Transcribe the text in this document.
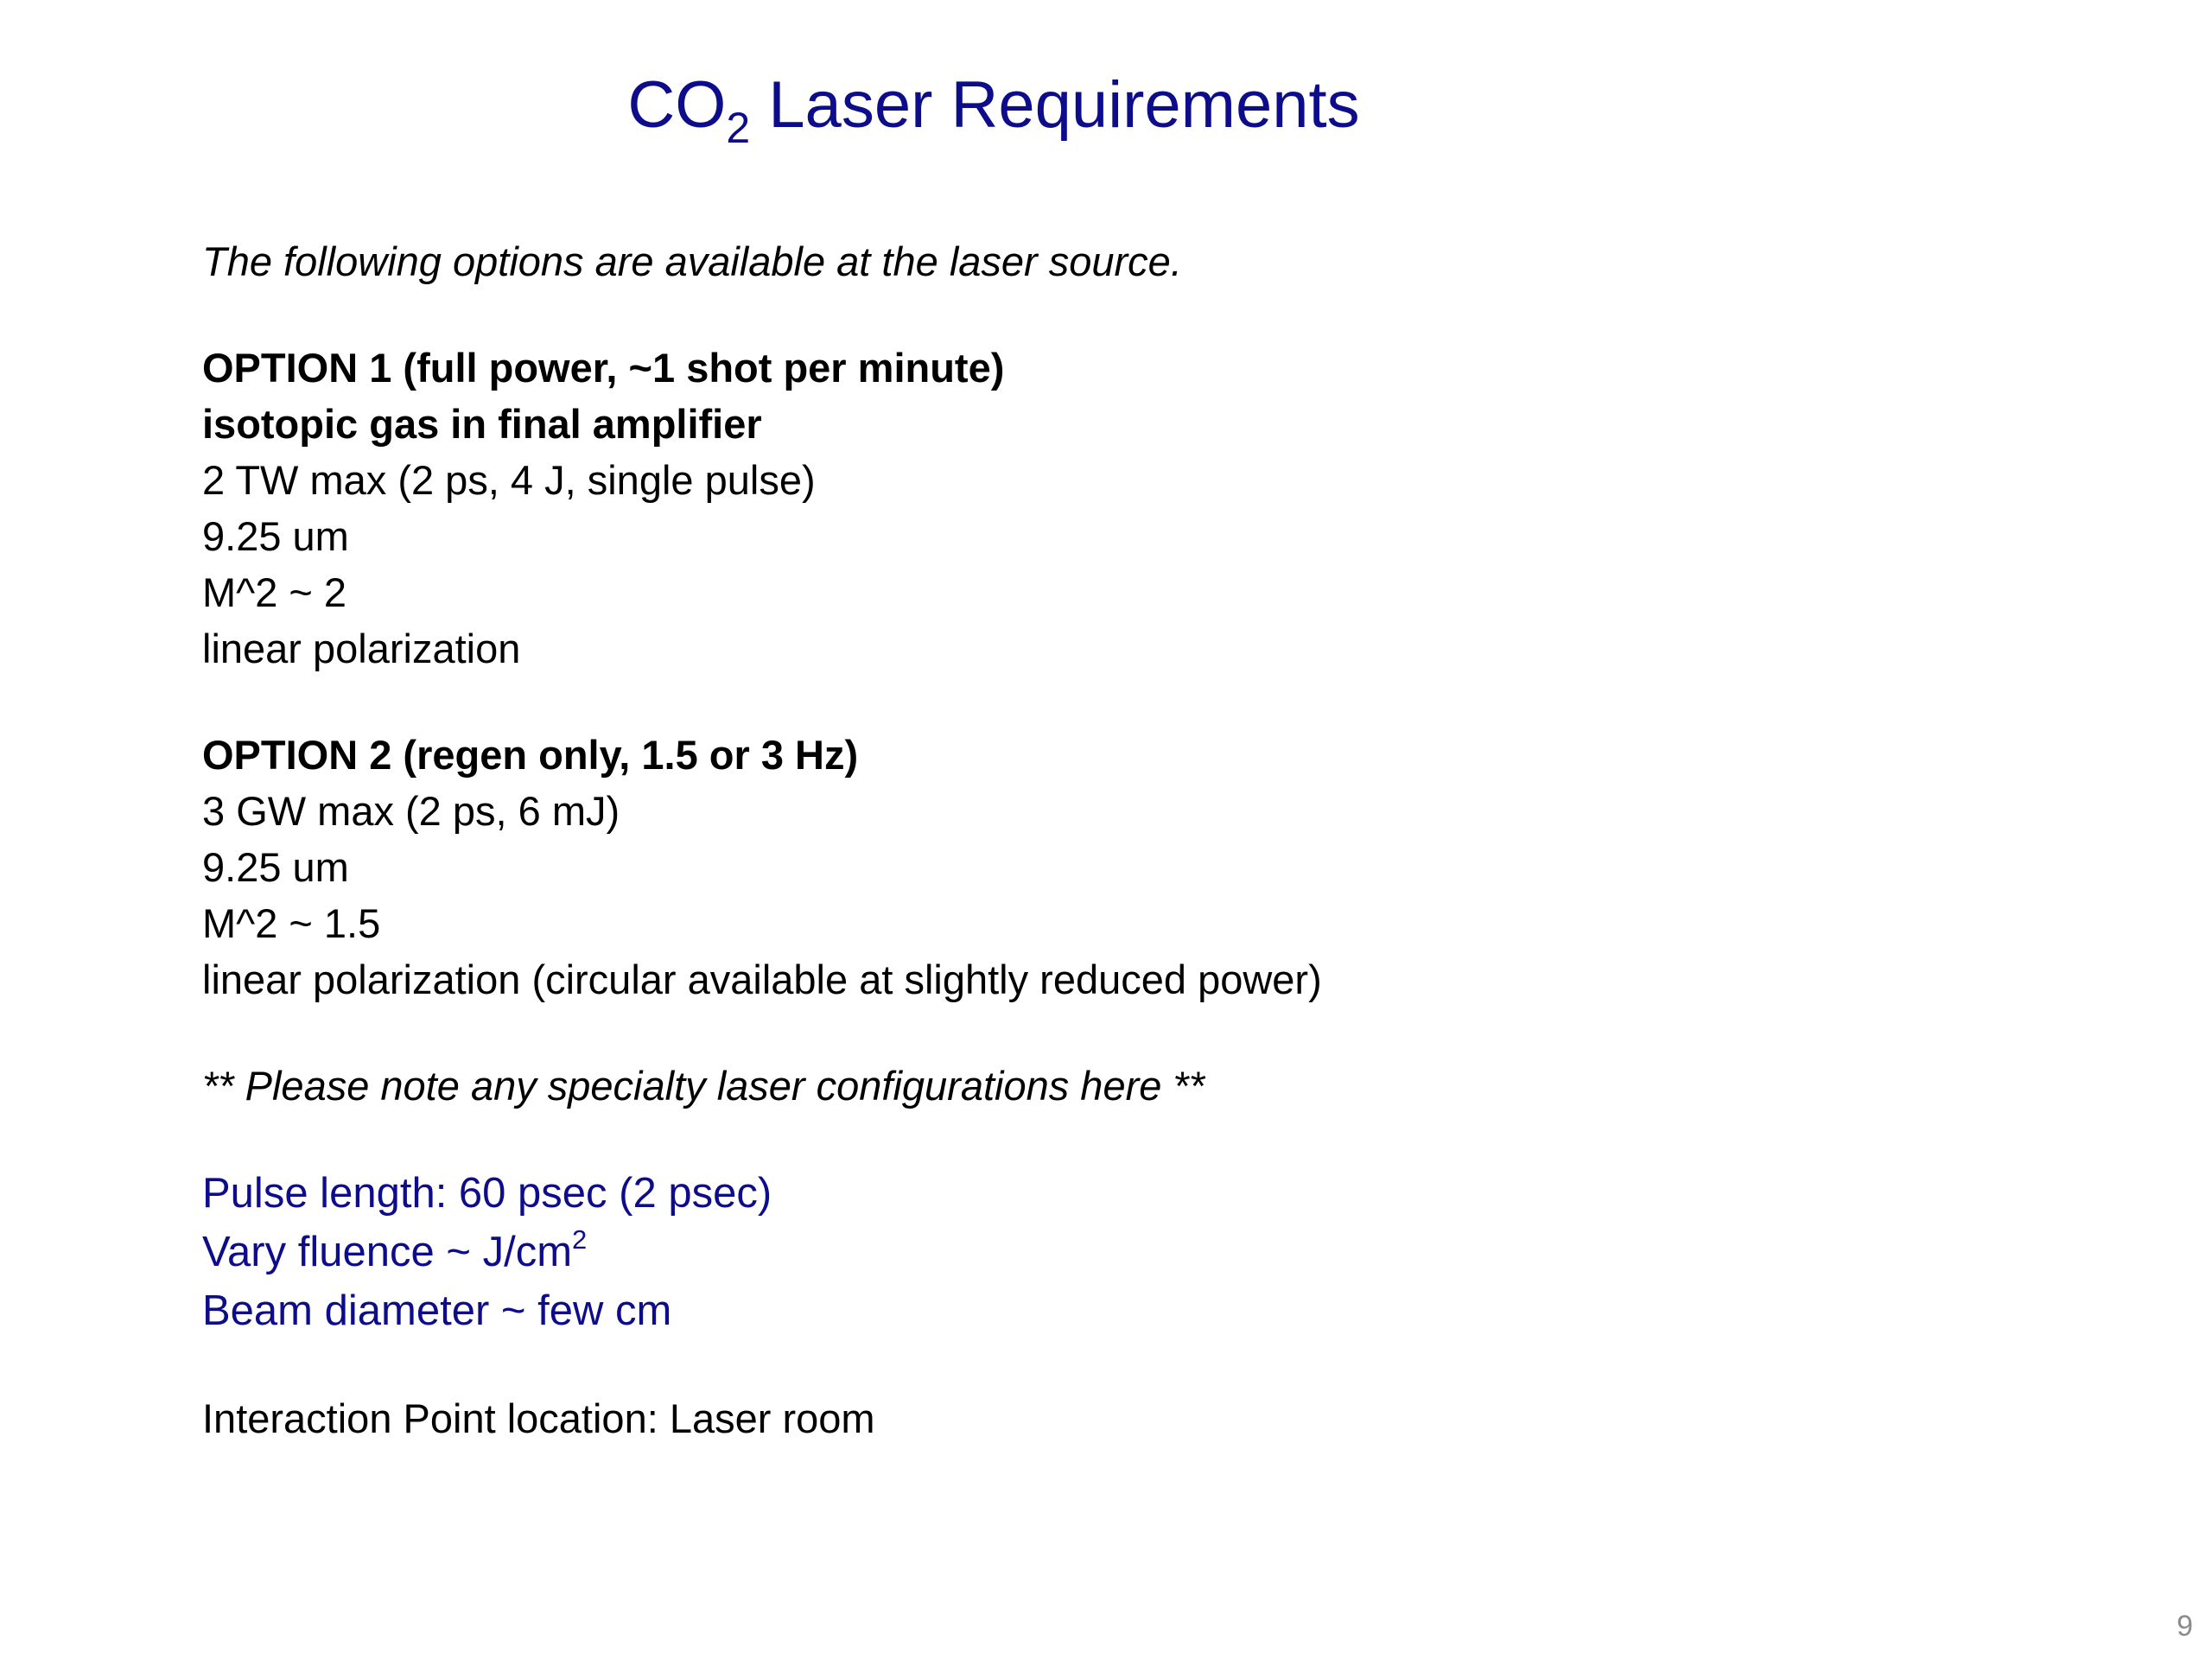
$CO_2$ Laser Requirements
The following options are available at the laser source.
OPTION 1 (full power, ~1 shot per minute)
isotopic gas in final amplifier
2 TW max (2 ps, 4 J, single pulse)
9.25 um
M^2 ~ 2
linear polarization
OPTION 2 (regen only, 1.5 or 3 Hz)
3 GW max (2 ps, 6 mJ)
9.25 um
M^2 ~ 1.5
linear polarization (circular available at slightly reduced power)
** Please note any specialty laser configurations here **
Pulse length: 60 psec (2 psec)
Vary fluence ~ $J/cm^2$
Beam diameter ~ few cm
Interaction Point location: Laser room
9
